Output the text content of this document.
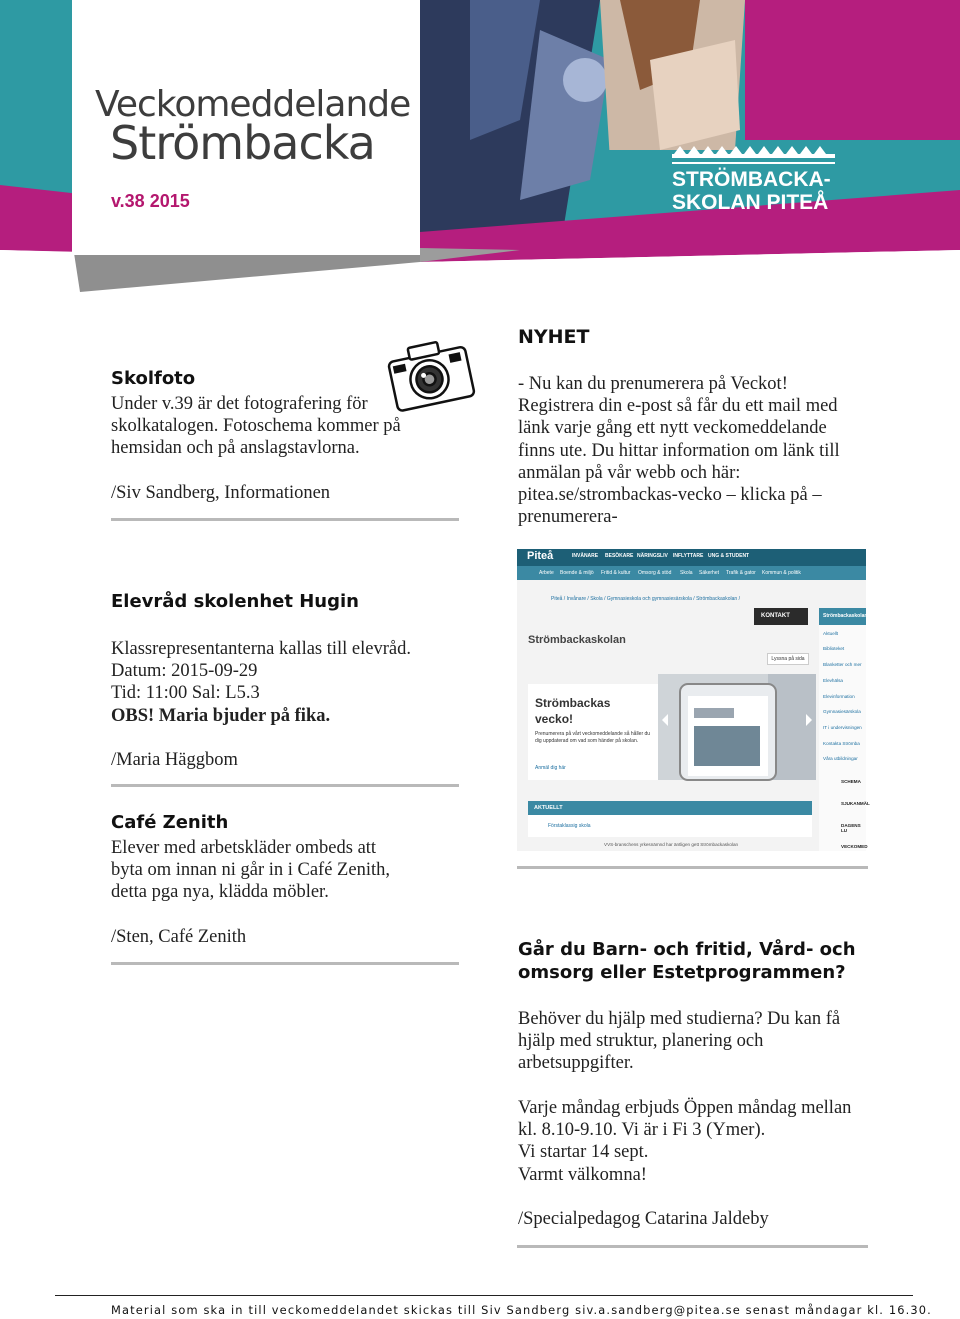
Veckomeddelande
Strömbacka
v.38 2015
STRÖMBACKA-
SKOLAN PITEÅ
Skolfoto
Under v.39 är det fotografering för
skolkatalogen. Fotoschema kommer på
hemsidan och på anslagstavlorna.
/Siv Sandberg, Informationen
NYHET
- Nu kan du prenumerera på Veckot!
Registrera din e-post så får du ett mail med
länk varje gång ett nytt veckomeddelande
finns ute. Du hittar information om länk till
anmälan på vår webb och här:
pitea.se/strombackas-vecko – klicka på –
prenumerera-
Piteå	INVÅNARE BESÖKARE NÄRINGSLIV INFLYTTARE UNG & STUDENT
Arbete Boende & miljö Fritid & kultur Omsorg & stöd Skola Säkerhet Trafik & gator Kommun & politik
Piteå / Invånare / Skola / Gymnasieskola och gymnasiesärskola / Strömbackaskolan /
KONTAKT
Strömbackaskolan
Lyssna på sida
Strömbackas
vecko!
Prenumerera på vårt veckomeddelande så håller du dig uppdaterad om vad som händer på skolan.
Anmäl dig här
Strömbackaskolan
Aktuellt
Biblioteket
Blanketter och mer
Elevhälsa
Elevinformation
Gymnasiesärskola
IT i undervisningen
Kontakta Strömba
Våra utbildningar
SCHEMA
SJUKANMÄL
DAGENS LU
VECKOMED
AKTUELLT
Förstaklassig skola
VVS-branschens yrkesnämnd har äntligen gett Strömbackaskolan
Elevråd skolenhet Hugin
Klassrepresentanterna kallas till elevråd.
Datum: 2015-09-29
Tid: 11:00 Sal: L5.3
OBS! Maria bjuder på fika.
/Maria Häggbom
Café Zenith
Elever med arbetskläder ombeds att
byta om innan ni går in i Café Zenith,
detta pga nya, klädda möbler.
/Sten, Café Zenith
Går du Barn- och fritid, Vård- och
omsorg eller Estetprogrammen?
Behöver du hjälp med studierna? Du kan få
hjälp med struktur, planering och
arbetsuppgifter.
Varje måndag erbjuds Öppen måndag mellan
kl. 8.10-9.10. Vi är i Fi 3 (Ymer).
Vi startar 14 sept.
Varmt välkomna!
/Specialpedagog Catarina Jaldeby
Material som ska in till veckomeddelandet skickas till Siv Sandberg siv.a.sandberg@pitea.se senast måndagar kl. 16.30.
